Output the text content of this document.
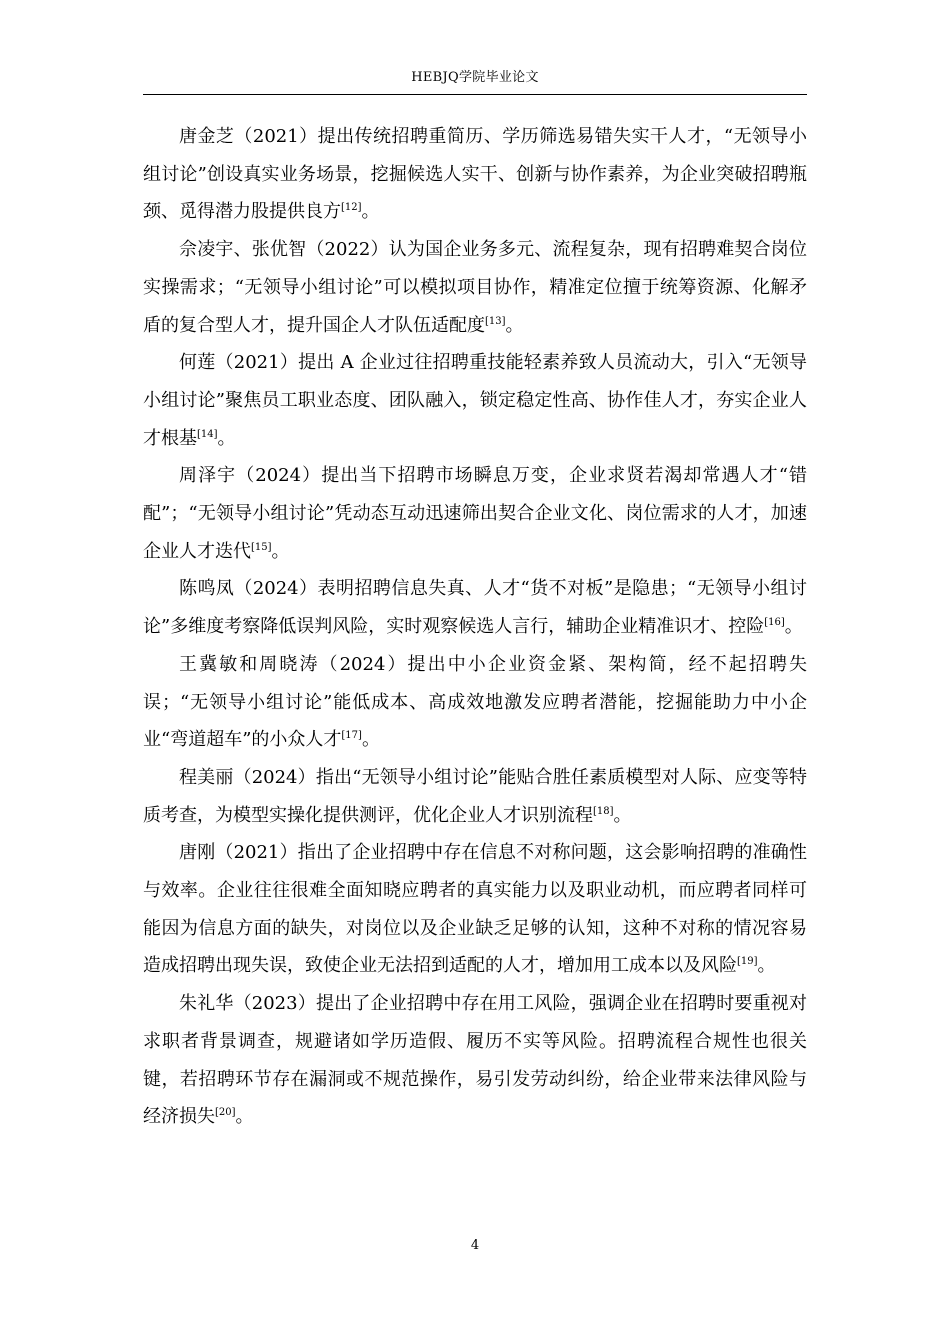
HEBJQ学院毕业论文

唐金芝（2021）提出传统招聘重简历、学历筛选易错失实干人才，“无领导小组讨论”创设真实业务场景，挖掘候选人实干、创新与协作素养，为企业突破招聘瓶颈、觅得潜力股提供良方[12]。

佘凌宇、张优智（2022）认为国企业务多元、流程复杂，现有招聘难契合岗位实操需求；“无领导小组讨论”可以模拟项目协作，精准定位擅于统筹资源、化解矛盾的复合型人才，提升国企人才队伍适配度[13]。

何莲（2021）提出 A 企业过往招聘重技能轻素养致人员流动大，引入“无领导小组讨论”聚焦员工职业态度、团队融入，锁定稳定性高、协作佳人才，夯实企业人才根基[14]。

周泽宇（2024）提出当下招聘市场瞬息万变，企业求贤若渴却常遇人才“错配”；“无领导小组讨论”凭动态互动迅速筛出契合企业文化、岗位需求的人才，加速企业人才迭代[15]。

陈鸣凤（2024）表明招聘信息失真、人才“货不对板”是隐患；“无领导小组讨论”多维度考察降低误判风险，实时观察候选人言行，辅助企业精准识才、控险[16]。

王冀敏和周晓涛（2024）提出中小企业资金紧、架构简，经不起招聘失误；“无领导小组讨论”能低成本、高成效地激发应聘者潜能，挖掘能助力中小企业“弯道超车”的小众人才[17]。

程美丽（2024）指出“无领导小组讨论”能贴合胜任素质模型对人际、应变等特质考查，为模型实操化提供测评，优化企业人才识别流程[18]。

唐刚（2021）指出了企业招聘中存在信息不对称问题，这会影响招聘的准确性与效率。企业往往很难全面知晓应聘者的真实能力以及职业动机，而应聘者同样可能因为信息方面的缺失，对岗位以及企业缺乏足够的认知，这种不对称的情况容易造成招聘出现失误，致使企业无法招到适配的人才，增加用工成本以及风险[19]。

朱礼华（2023）提出了企业招聘中存在用工风险，强调企业在招聘时要重视对求职者背景调查，规避诸如学历造假、履历不实等风险。招聘流程合规性也很关键，若招聘环节存在漏洞或不规范操作，易引发劳动纠纷，给企业带来法律风险与经济损失[20]。

4
